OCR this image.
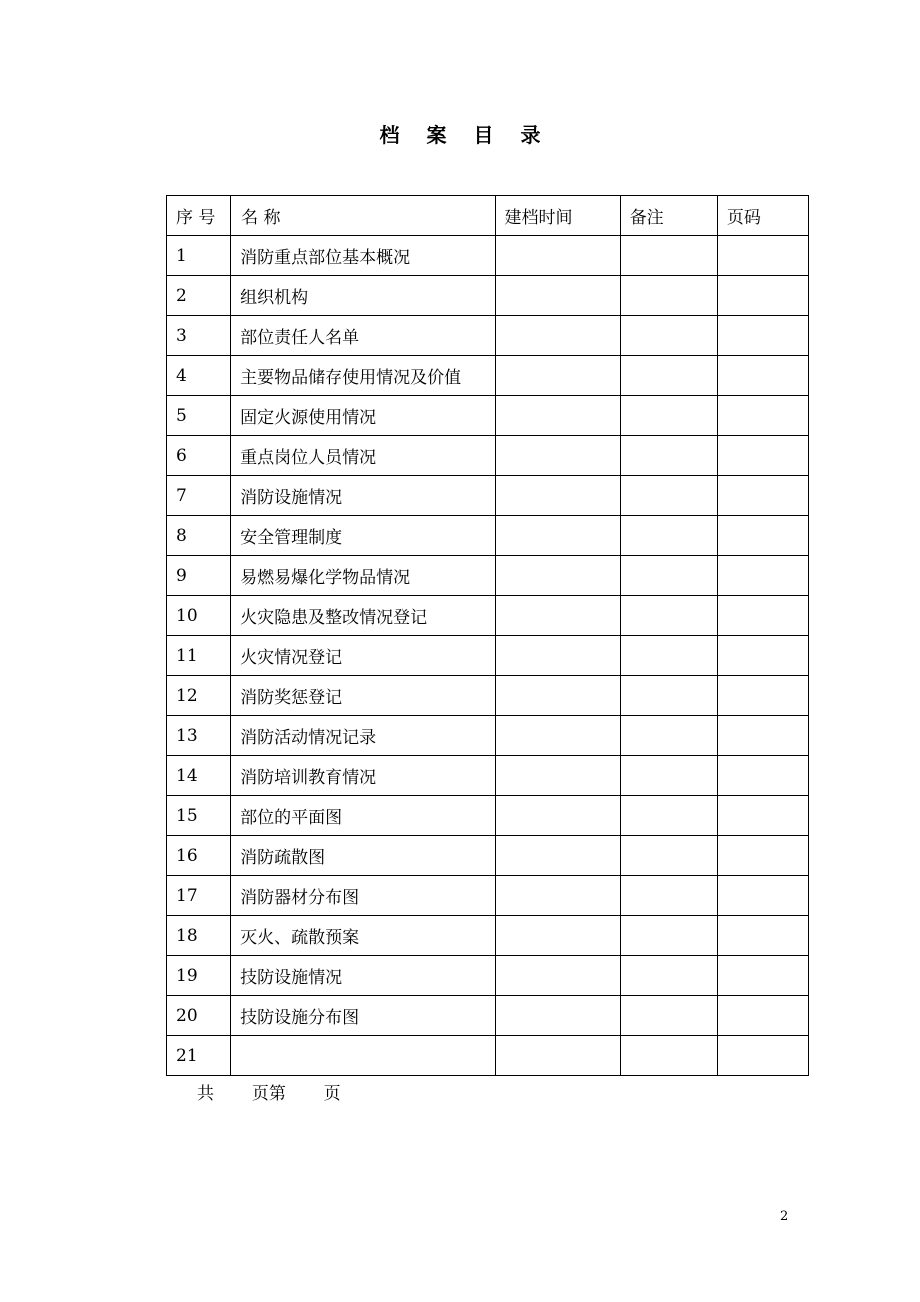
档 案 目 录
序 号	名 称	建档时间	备注	页码
1	消防重点部位基本概况			
2	组织机构			
3	部位责任人名单			
4	主要物品储存使用情况及价值			
5	固定火源使用情况			
6	重点岗位人员情况			
7	消防设施情况			
8	安全管理制度			
9	易燃易爆化学物品情况			
10	火灾隐患及整改情况登记			
11	火灾情况登记			
12	消防奖惩登记			
13	消防活动情况记录			
14	消防培训教育情况			
15	部位的平面图			
16	消防疏散图			
17	消防器材分布图			
18	灭火、疏散预案			
19	技防设施情况			
20	技防设施分布图			
21				
共 页第 页
2
